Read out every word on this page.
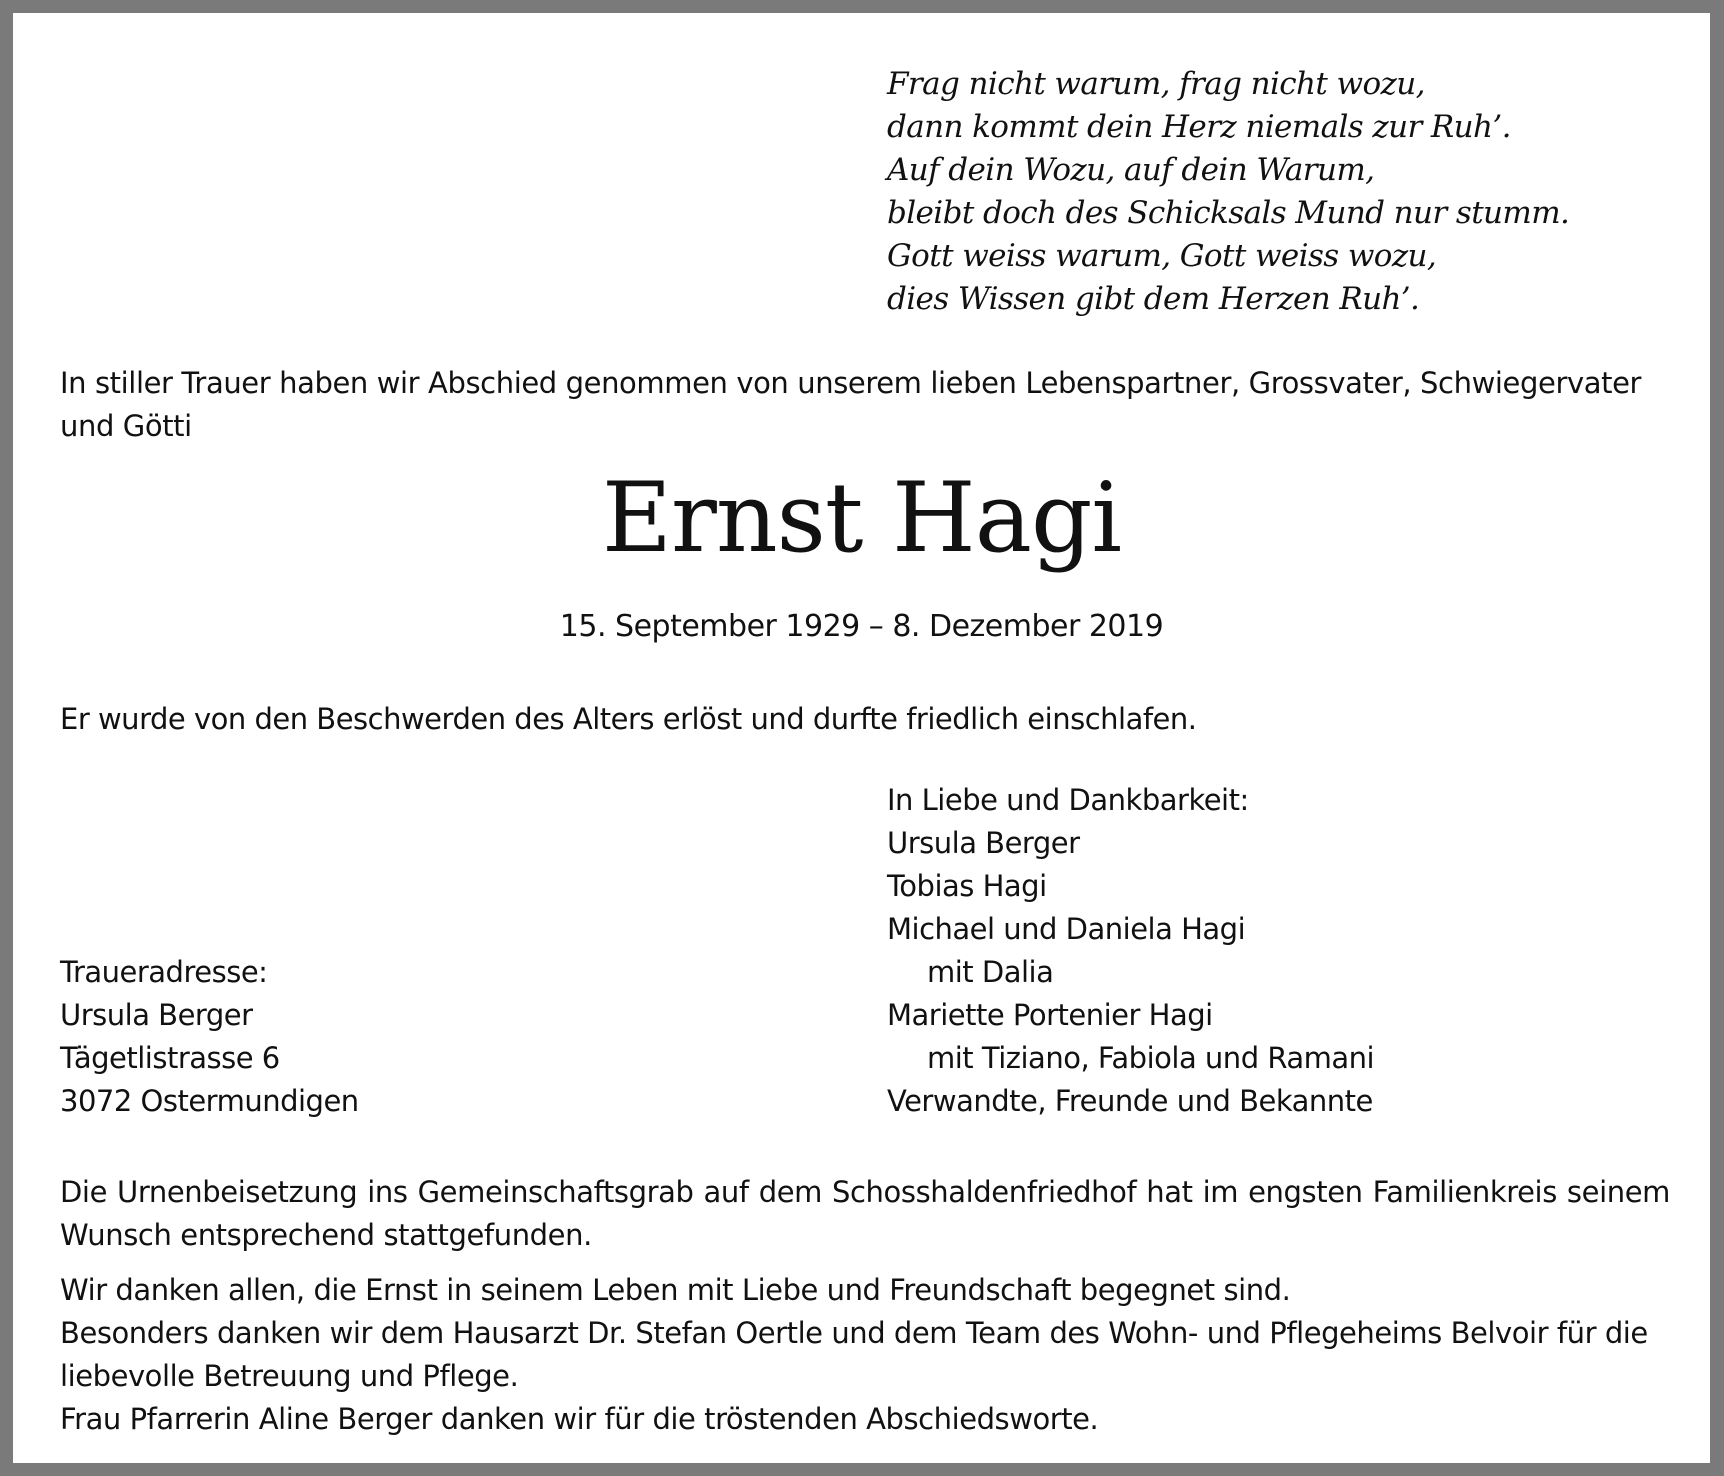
Frag nicht warum, frag nicht wozu,
dann kommt dein Herz niemals zur Ruh’.
Auf dein Wozu, auf dein Warum,
bleibt doch des Schicksals Mund nur stumm.
Gott weiss warum, Gott weiss wozu,
dies Wissen gibt dem Herzen Ruh’.
In stiller Trauer haben wir Abschied genommen von unserem lieben Lebenspartner, Grossvater, Schwiegervater und Götti
Ernst Hagi
15. September 1929 – 8. Dezember 2019
Er wurde von den Beschwerden des Alters erlöst und durfte friedlich einschlafen.
In Liebe und Dankbarkeit:
Ursula Berger
Tobias Hagi
Michael und Daniela Hagi
mit Dalia
Mariette Portenier Hagi
mit Tiziano, Fabiola und Ramani
Verwandte, Freunde und Bekannte
Traueradresse:
Ursula Berger
Tägetlistrasse 6
3072 Ostermundigen
Die Urnenbeisetzung ins Gemeinschaftsgrab auf dem Schosshaldenfriedhof hat im engsten Familienkreis seinem Wunsch entsprechend stattgefunden.
Wir danken allen, die Ernst in seinem Leben mit Liebe und Freundschaft begegnet sind.
Besonders danken wir dem Hausarzt Dr. Stefan Oertle und dem Team des Wohn- und Pflegeheims Belvoir für die liebevolle Betreuung und Pflege.
Frau Pfarrerin Aline Berger danken wir für die tröstenden Abschiedsworte.
